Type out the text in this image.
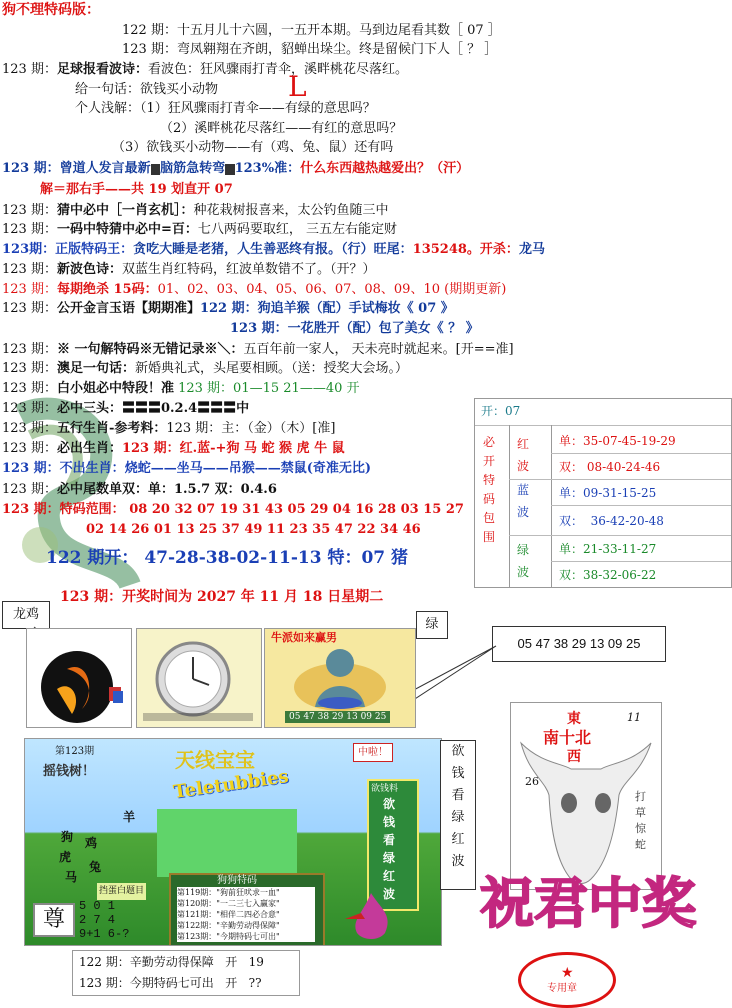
狗不理特码版：
122 期：十五月儿十六圆，一五开本期。马到边尾看其数［ 07 ］
123 期：弯凤翱翔在齐朗，貂蝉出垛尘。终是留候门下人［ ？ ］
123 期：足球报看波诗：看波色：狂风骤雨打青伞，溪畔桃花尽落红。
给一句话：欲钱买小动物
个人浅解：（1）狂风骤雨打青伞——有绿的意思吗？
（2）溪畔桃花尽落红——有红的意思吗？
（3）欲钱买小动物——有（鸡、兔、鼠）还有吗
L
123 期：曾道人发言最新■脑筋急转弯■123%准：什么东西越热越爱出？（汗）
解＝那右手——共 19 划直开 07
123 期：猜中必中［一肖玄机］：种花栽树报喜来，太公钓鱼随三中
123 期：一码中特猜中必中=百：七八两码要取红， 三五左右能定财
123期：正版特码王：贪吃大睡是老猪，人生善恶终有报。（行）旺尾：135248。开杀：龙马
123 期：新波色诗：双蓝生肖红特码，红波单数错不了。（开？）
123 期：每期绝杀 15码：01、02、03、04、05、06、07、08、09、10 (期期更新)
123 期：公开金言玉语【期期准】122 期：狗追羊猴（配）手试梅妆《 07 》
123 期：一花胜开（配）包了美女《 ？ 》
123 期：※ 一句解特码※无错记录※＼：五百年前一家人， 天未亮时就起来。[开==准]
123 期：澳足一句话：新婚典礼式，头尾要相顾。（送：授奖大会场。）
123 期：白小姐必中特段！准 123 期：01—15 21——40 开
123 期：必中三头：〓〓〓0.2.4〓〓〓中
123 期：五行生肖-参考料：123 期：主：（金）（木）[准]
123 期：必出生肖：123 期：红.蓝-+狗 马 蛇 猴 虎 牛 鼠
123 期：不出生肖：烧蛇——坐马——吊猴——禁鼠(奇准无比)
123 期：必中尾数单双：单：1.5.7 双：0.4.6
123 期：特码范围： 08 20 32 07 19 31 43 05 29 04 16 28 03 15 27
02 14 26 01 13 25 37 49 11 23 35 47 22 34 46
122 期开： 47-28-38-02-11-13 特：07 猪
123 期：开奖时间为 2027 年 11 月 18 日星期二
开：07
必
开
特
码
包
围
红
波
蓝
波
绿
波
单：35-07-45-19-29
双： 08-40-24-46
单：09-31-15-25
双： 36-42-20-48
单：21-33-11-27
双：38-32-06-22
龙鸡
绿
05 47 38 29 13 09 25
牛派如来赢男
05 47 38 29 13 09 25
第123期
摇钱树！	天线宝宝
Teletubbies
中啦！
狗
羊
虎
鸡
马
兔
挡蛋白题目
欲钱料
欲
钱
看
绿
红
波
狗狗特码
第119期："狗前狂吠求一血"
第120期："一二三七入赢家"
第121期："相伴二四必合意"
第122期："辛勤劳动得保障"
第123期："今期特码七可出"
尊
5 0 1
2 7 4
9+1 6-?
欲
钱
看
绿
红
波
東
南十北
西
11
26
打
草
惊
蛇
祝君中奖
专用章
★
122 期：辛勤劳动得保障 开 19
123 期：今期特码七可出 开 ??
